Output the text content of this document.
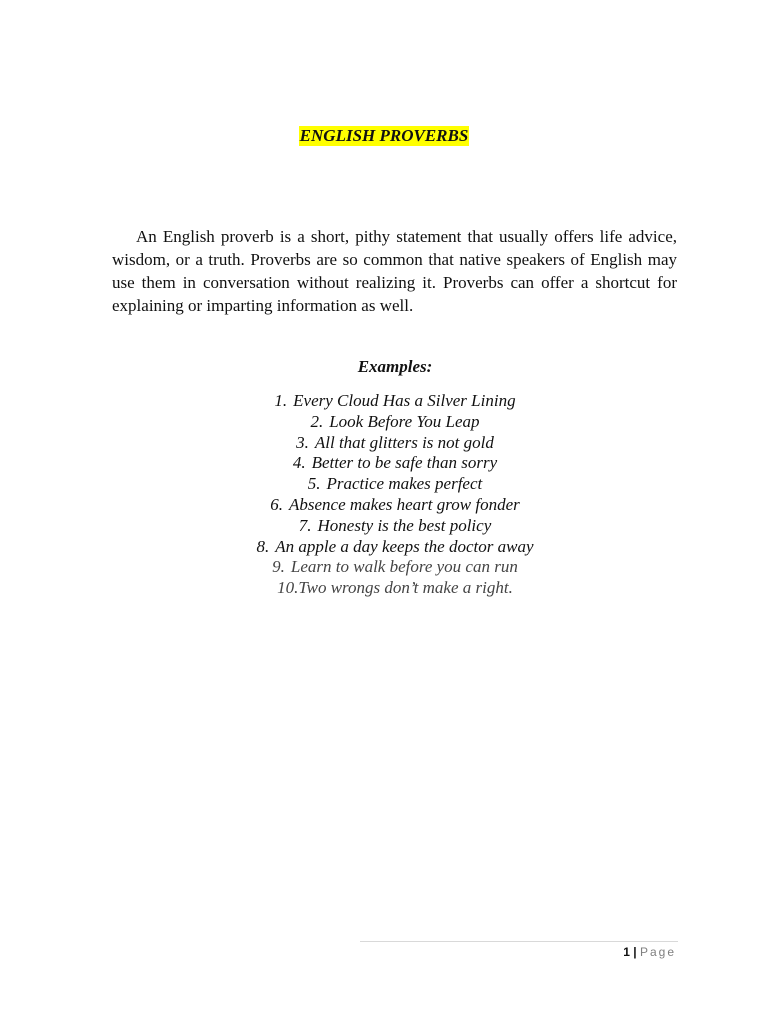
ENGLISH PROVERBS

An English proverb is a short, pithy statement that usually offers life advice, wisdom, or a truth. Proverbs are so common that native speakers of English may use them in conversation without realizing it. Proverbs can offer a shortcut for explaining or imparting information as well.

Examples:
1. Every Cloud Has a Silver Lining
2. Look Before You Leap
3. All that glitters is not gold
4. Better to be safe than sorry
5. Practice makes perfect
6. Absence makes heart grow fonder
7. Honesty is the best policy
8. An apple a day keeps the doctor away
9. Learn to walk before you can run
10.Two wrongs don’t make a right.
1 | Page
